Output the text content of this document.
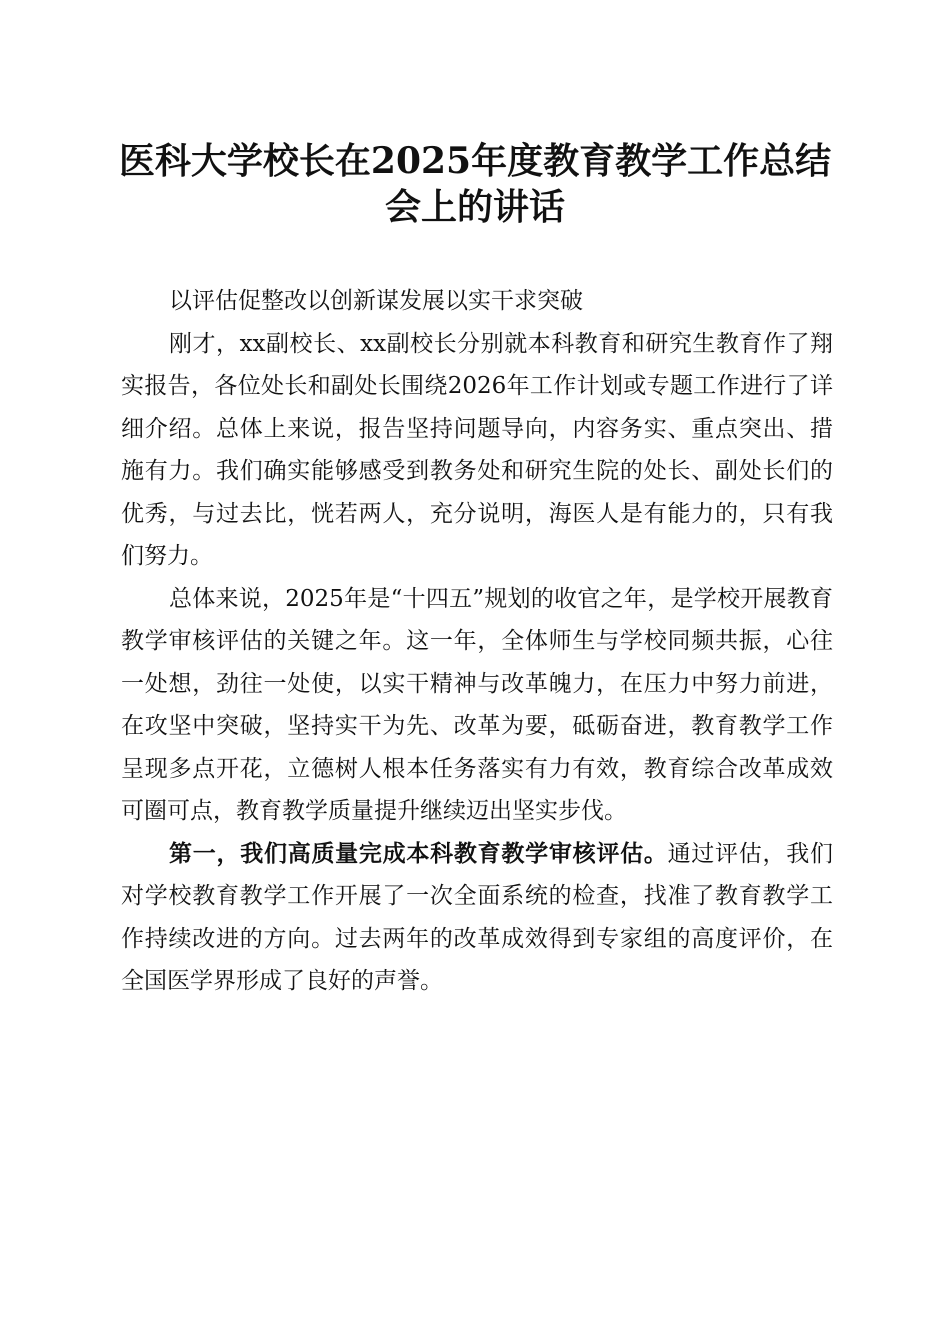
医科大学校长在2025年度教育教学工作总结
会上的讲话

以评估促整改以创新谋发展以实干求突破

刚才，xx副校长、xx副校长分别就本科教育和研究生教育作了翔实报告，各位处长和副处长围绕2026年工作计划或专题工作进行了详细介绍。总体上来说，报告坚持问题导向，内容务实、重点突出、措施有力。我们确实能够感受到教务处和研究生院的处长、副处长们的优秀，与过去比，恍若两人，充分说明，海医人是有能力的，只有我们努力。

总体来说，2025年是“十四五”规划的收官之年，是学校开展教育教学审核评估的关键之年。这一年，全体师生与学校同频共振，心往一处想，劲往一处使，以实干精神与改革魄力，在压力中努力前进，在攻坚中突破，坚持实干为先、改革为要，砥砺奋进，教育教学工作呈现多点开花，立德树人根本任务落实有力有效，教育综合改革成效可圈可点，教育教学质量提升继续迈出坚实步伐。

第一，我们高质量完成本科教育教学审核评估。通过评估，我们对学校教育教学工作开展了一次全面系统的检查，找准了教育教学工作持续改进的方向。过去两年的改革成效得到专家组的高度评价，在全国医学界形成了良好的声誉。
